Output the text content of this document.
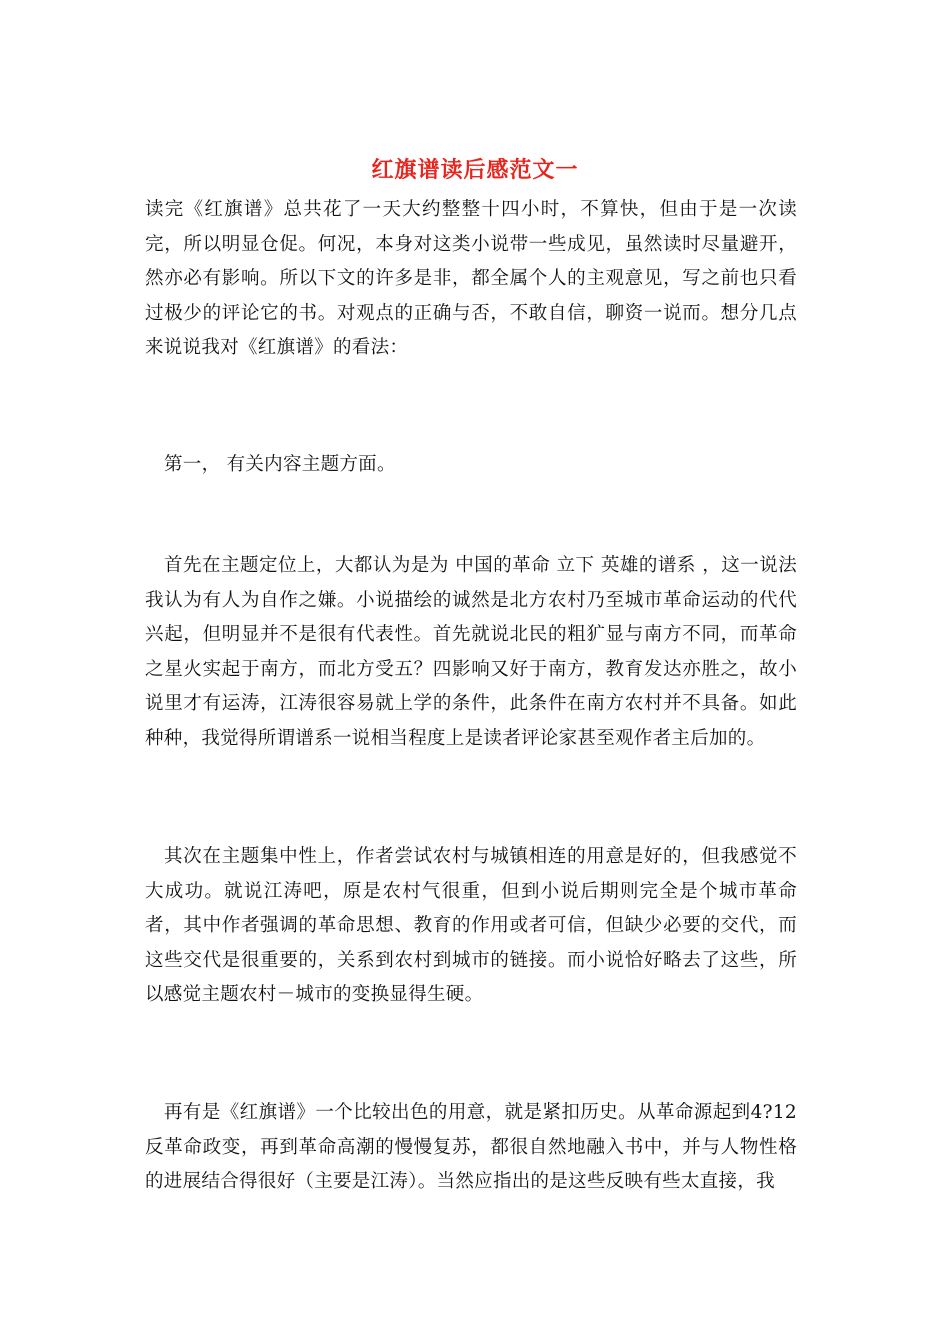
红旗谱读后感范文一

读完《红旗谱》总共花了一天大约整整十四小时，不算快，但由于是一次读完，所以明显仓促。何况，本身对这类小说带一些成见，虽然读时尽量避开，然亦必有影响。所以下文的许多是非，都全属个人的主观意见，写之前也只看过极少的评论它的书。对观点的正确与否，不敢自信，聊资一说而。想分几点来说说我对《红旗谱》的看法：

第一， 有关内容主题方面。

首先在主题定位上，大都认为是为 中国的革命 立下 英雄的谱系 ，这一说法我认为有人为自作之嫌。小说描绘的诚然是北方农村乃至城市革命运动的代代兴起，但明显并不是很有代表性。首先就说北民的粗犷显与南方不同，而革命之星火实起于南方，而北方受五？四影响又好于南方，教育发达亦胜之，故小说里才有运涛，江涛很容易就上学的条件，此条件在南方农村并不具备。如此种种，我觉得所谓谱系一说相当程度上是读者评论家甚至观作者主后加的。

其次在主题集中性上，作者尝试农村与城镇相连的用意是好的，但我感觉不大成功。就说江涛吧，原是农村气很重，但到小说后期则完全是个城市革命者，其中作者强调的革命思想、教育的作用或者可信，但缺少必要的交代，而这些交代是很重要的，关系到农村到城市的链接。而小说恰好略去了这些，所以感觉主题农村－城市的变换显得生硬。

再有是《红旗谱》一个比较出色的用意，就是紧扣历史。从革命源起到4?12反革命政变，再到革命高潮的慢慢复苏，都很自然地融入书中，并与人物性格的进展结合得很好（主要是江涛）。当然应指出的是这些反映有些太直接，我
